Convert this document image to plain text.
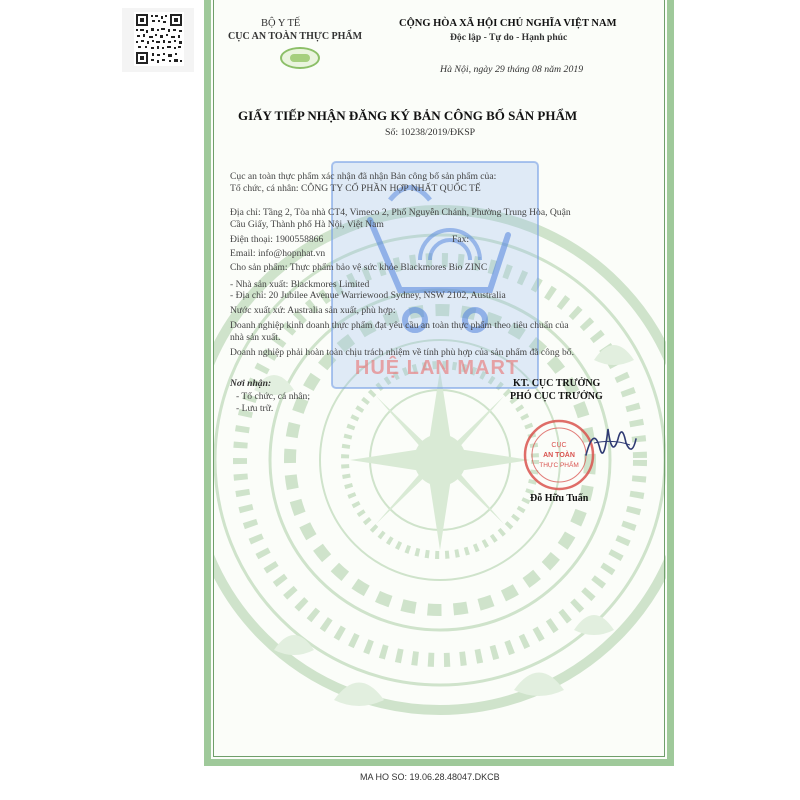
BỘ Y TẾ
CỤC AN TOÀN THỰC PHẨM
CỘNG HÒA XÃ HỘI CHỦ NGHĨA VIỆT NAM
Độc lập - Tự do - Hạnh phúc
Hà Nội, ngày 29 tháng 08 năm 2019
GIẤY TIẾP NHẬN ĐĂNG KÝ BẢN CÔNG BỐ SẢN PHẨM
Số: 10238/2019/ĐKSP
Cục an toàn thực phẩm xác nhận đã nhận Bản công bố sản phẩm của:
Tổ chức, cá nhân: CÔNG TY CỔ PHẦN HỢP NHẤT QUỐC TẾ
Địa chỉ: Tầng 2, Tòa nhà CT4, Vimeco 2, Phố Nguyễn Chánh, Phường Trung Hòa, Quận
Cầu Giấy, Thành phố Hà Nội, Việt Nam
Điện thoại: 1900558866	Fax:
Email: info@hopnhat.vn
Cho sản phẩm: Thực phẩm bảo vệ sức khỏe Blackmores Bio ZINC
- Nhà sản xuất: Blackmores Limited
- Địa chỉ: 20 Jubilee Avenue Warriewood Sydney, NSW 2102, Australia
Nước xuất xứ: Australia sản xuất, phù hợp:
Doanh nghiệp kinh doanh thực phẩm đạt yêu cầu an toàn thực phẩm theo tiêu chuẩn của
nhà sản xuất.
Doanh nghiệp phải hoàn toàn chịu trách nhiệm về tính phù hợp của sản phẩm đã công bố.
HUỆ LAN MART
Nơi nhận:
- Tổ chức, cá nhân;
- Lưu trữ.
KT. CỤC TRƯỞNG
PHÓ CỤC TRƯỞNG
CỤC
AN TOÀN
THỰC PHẨM
Đỗ Hữu Tuấn
MA HO SO: 19.06.28.48047.DKCB
